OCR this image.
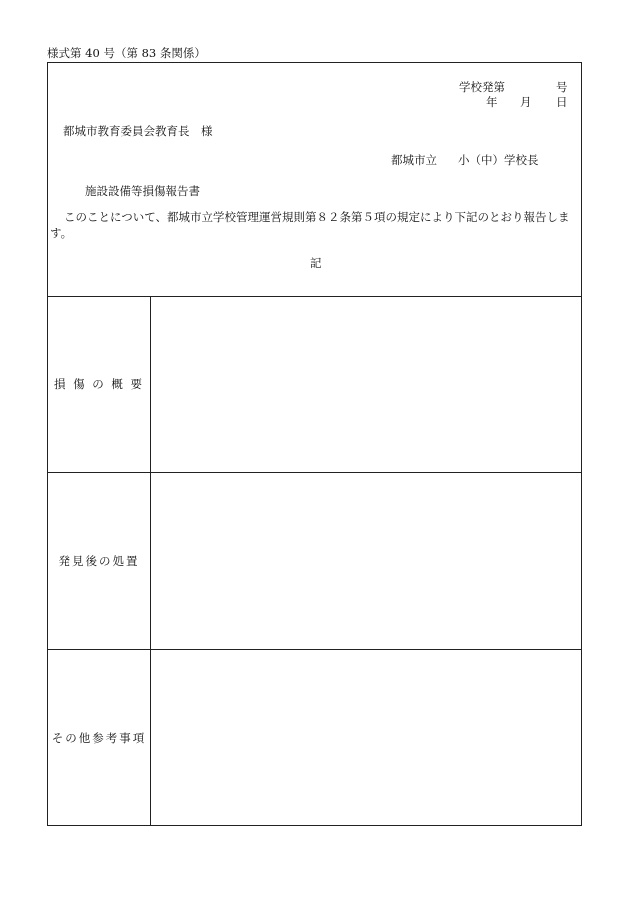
様式第 40 号（第 83 条関係）
学校発第	号
年 月 日
都城市教育委員会教育長　様
都城市立 小（中）学校長
施設設備等損傷報告書
このことについて、都城市立学校管理運営規則第８２条第５項の規定により下記のとおり報告します。
記
損 傷 の 概 要
発見後の処置
その他参考事項
